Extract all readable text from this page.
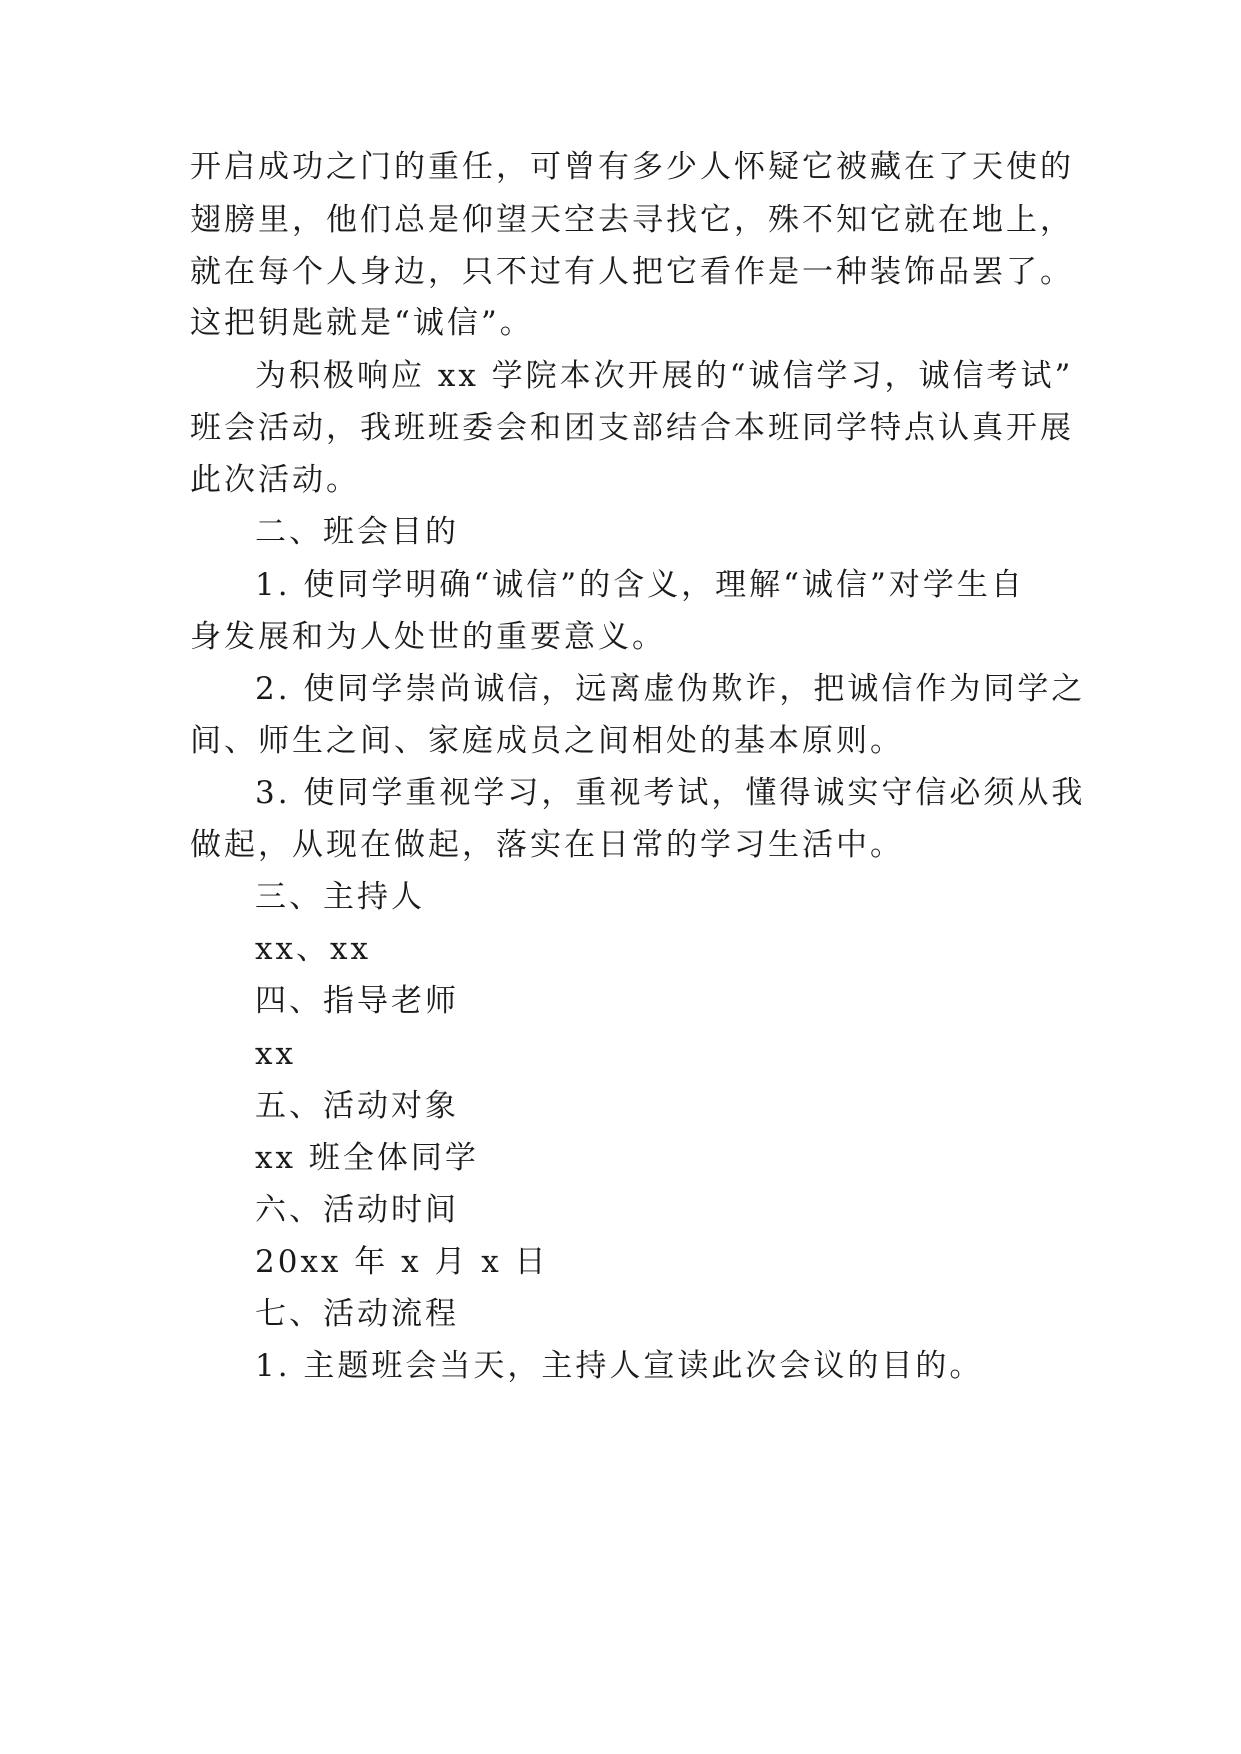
开启成功之门的重任，可曾有多少人怀疑它被藏在了天使的
翅膀里，他们总是仰望天空去寻找它，殊不知它就在地上，
就在每个人身边，只不过有人把它看作是一种装饰品罢了。
这把钥匙就是“诚信”。
为积极响应 xx 学院本次开展的“诚信学习，诚信考试”
班会活动，我班班委会和团支部结合本班同学特点认真开展
此次活动。
二、班会目的
1. 使同学明确“诚信”的含义，理解“诚信”对学生自
身发展和为人处世的重要意义。
2. 使同学崇尚诚信，远离虚伪欺诈，把诚信作为同学之
间、师生之间、家庭成员之间相处的基本原则。
3. 使同学重视学习，重视考试，懂得诚实守信必须从我
做起，从现在做起，落实在日常的学习生活中。
三、主持人
xx、xx
四、指导老师
xx
五、活动对象
xx 班全体同学
六、活动时间
20xx 年 x 月 x 日
七、活动流程
1. 主题班会当天，主持人宣读此次会议的目的。
